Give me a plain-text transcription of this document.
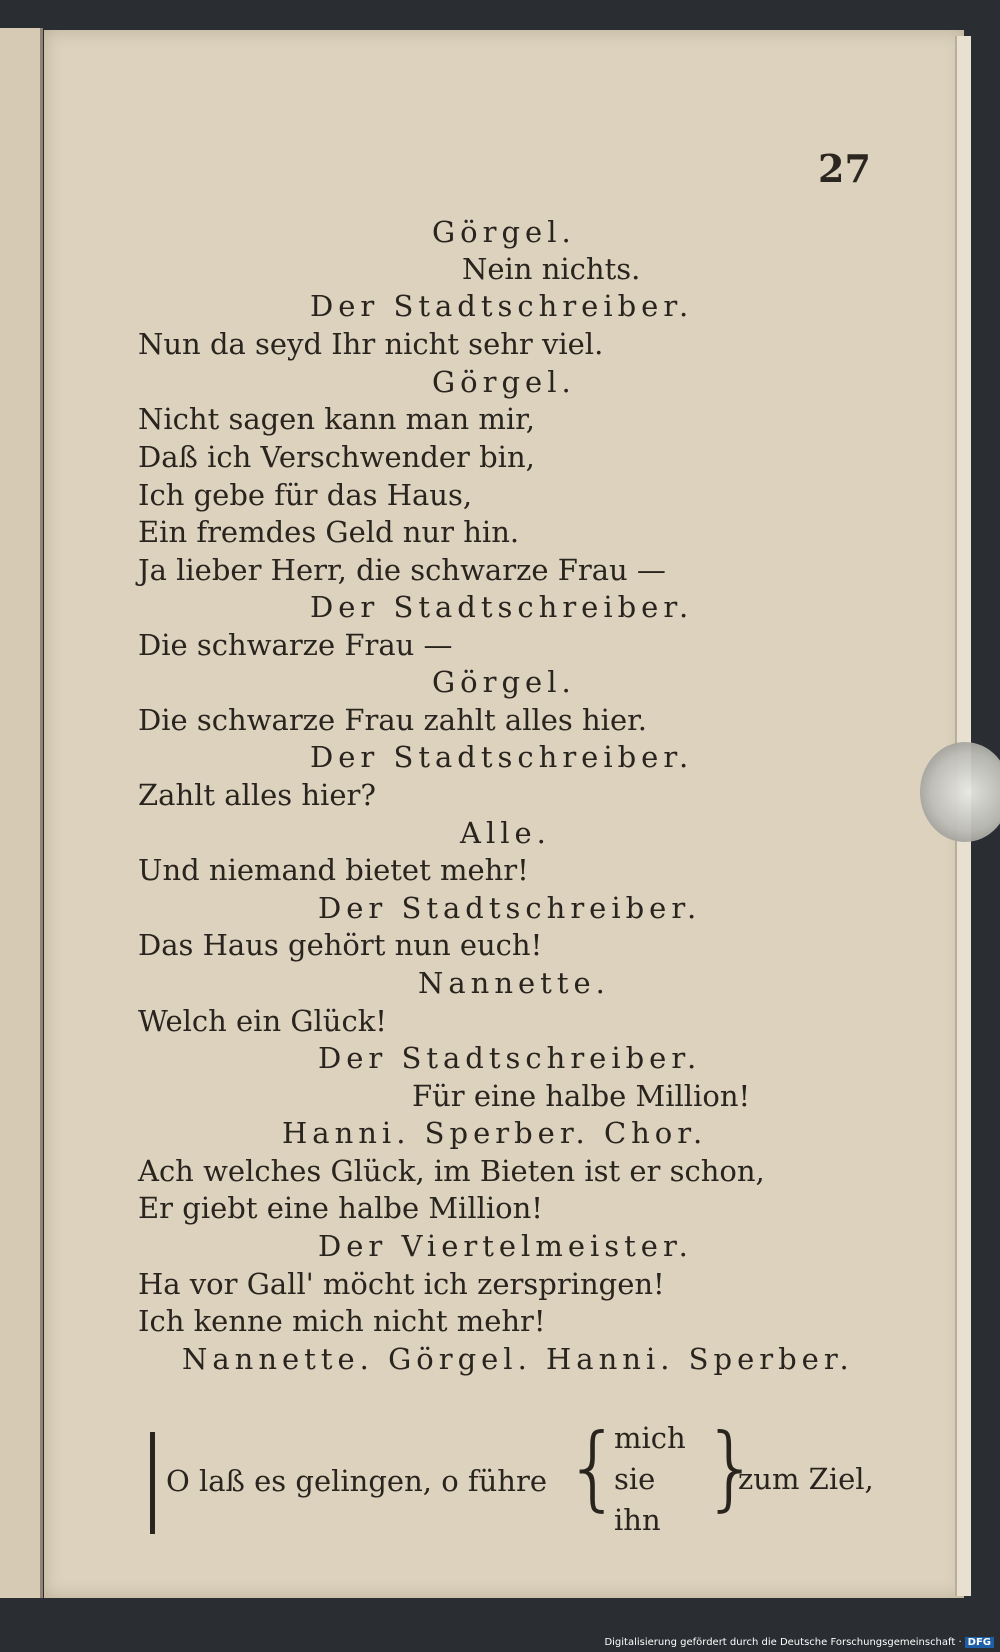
27
Görgel.
Nein nichts.
Der Stadtschreiber.
Nun da seyd Ihr nicht sehr viel.
Görgel.
Nicht sagen kann man mir,
Daß ich Verschwender bin,
Ich gebe für das Haus,
Ein fremdes Geld nur hin.
Ja lieber Herr, die schwarze Frau —
Der Stadtschreiber.
Die schwarze Frau —
Görgel.
Die schwarze Frau zahlt alles hier.
Der Stadtschreiber.
Zahlt alles hier?
Alle.
Und niemand bietet mehr!
Der Stadtschreiber.
Das Haus gehört nun euch!
Nannette.
Welch ein Glück!
Der Stadtschreiber.
Für eine halbe Million!
Hanni. Sperber. Chor.
Ach welches Glück, im Bieten ist er schon,
Er giebt eine halbe Million!
Der Viertelmeister.
Ha vor Gall' möcht ich zerspringen!
Ich kenne mich nicht mehr!
Nannette. Görgel. Hanni. Sperber.
O laß es gelingen, o führe {
mich
sie
ihn }
zum Ziel,
Digitalisierung gefördert durch die Deutsche Forschungsgemeinschaft · DFG
